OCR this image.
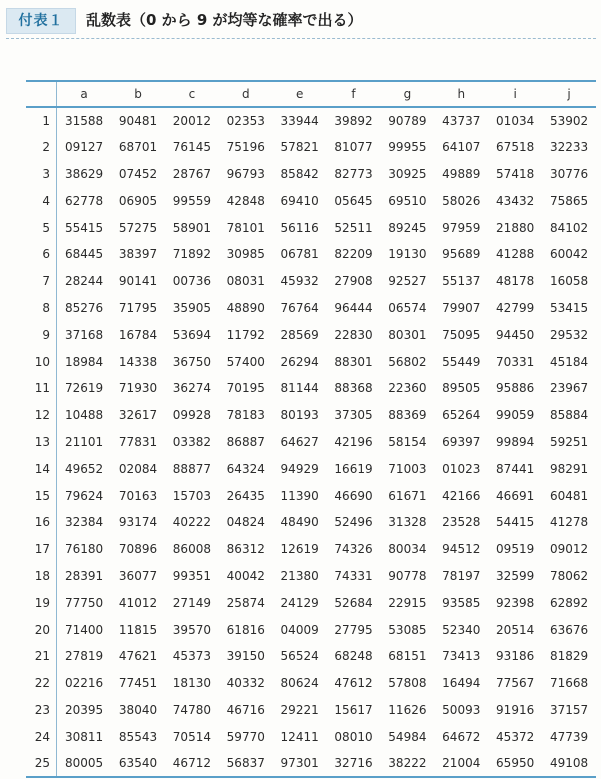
付表１	乱数表（0 から 9 が均等な確率で出る）
	a	b	c	d	e	f	g	h	i	j
1	31588	90481	20012	02353	33944	39892	90789	43737	01034	53902
2	09127	68701	76145	75196	57821	81077	99955	64107	67518	32233
3	38629	07452	28767	96793	85842	82773	30925	49889	57418	30776
4	62778	06905	99559	42848	69410	05645	69510	58026	43432	75865
5	55415	57275	58901	78101	56116	52511	89245	97959	21880	84102
6	68445	38397	71892	30985	06781	82209	19130	95689	41288	60042
7	28244	90141	00736	08031	45932	27908	92527	55137	48178	16058
8	85276	71795	35905	48890	76764	96444	06574	79907	42799	53415
9	37168	16784	53694	11792	28569	22830	80301	75095	94450	29532
10	18984	14338	36750	57400	26294	88301	56802	55449	70331	45184
11	72619	71930	36274	70195	81144	88368	22360	89505	95886	23967
12	10488	32617	09928	78183	80193	37305	88369	65264	99059	85884
13	21101	77831	03382	86887	64627	42196	58154	69397	99894	59251
14	49652	02084	88877	64324	94929	16619	71003	01023	87441	98291
15	79624	70163	15703	26435	11390	46690	61671	42166	46691	60481
16	32384	93174	40222	04824	48490	52496	31328	23528	54415	41278
17	76180	70896	86008	86312	12619	74326	80034	94512	09519	09012
18	28391	36077	99351	40042	21380	74331	90778	78197	32599	78062
19	77750	41012	27149	25874	24129	52684	22915	93585	92398	62892
20	71400	11815	39570	61816	04009	27795	53085	52340	20514	63676
21	27819	47621	45373	39150	56524	68248	68151	73413	93186	81829
22	02216	77451	18130	40332	80624	47612	57808	16494	77567	71668
23	20395	38040	74780	46716	29221	15617	11626	50093	91916	37157
24	30811	85543	70514	59770	12411	08010	54984	64672	45372	47739
25	80005	63540	46712	56837	97301	32716	38222	21004	65950	49108
